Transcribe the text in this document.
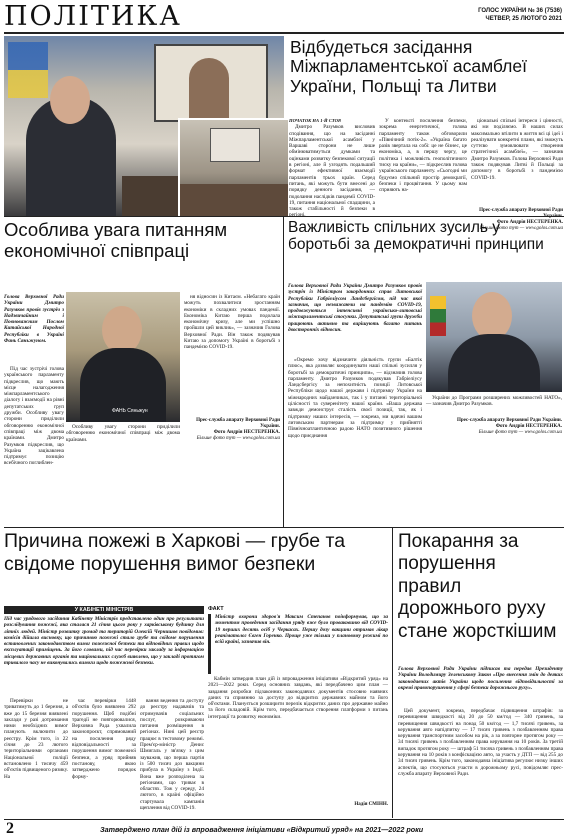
ПОЛІТИКА	ГОЛОС УКРАЇНИ № 36 (7536)
ЧЕТВЕР, 25 ЛЮТОГО 2021
Відбудеться засідання Міжпарламентської асамблеї України, Польщі та Литви
ПОЧАТОК НА 1-Й СТОР.

Дмитро Разумков висловив сподівання, що на засіданні Міжпарламентської асамблеї у Варшаві сторони не лише обмінюватимуться думками та оцінками розвитку безпекової ситуації в регіоні, але й узгодять подальший формат ефективної взаємодії парламентів трьох країн. Серед питань, які можуть бути внесені до порядку денного засідання, — подолання наслідків пандемії COVID-19, питання національної спадщини, а також стабільності й безпеки в

У контексті посилення безпеки, зокрема енергетичної, голова парламенту також обговорили «Північний потік-2». «Україна багато разів звертала на собі: це не бізнес, це економіка, а, в першу чергу, це політика і можливість геополітичного тиску на країни», — підкреслив голова українського парламенту. «Сьогодні ми будуємо спільний простір демократії, безпеки і процвітання. У цьому нам сприяють на-

ціональні спільні інтереси і цінності, які ми поділяємо. В наших силах максимально втілити в життя всі ці ідеї і реалізувати конкретні плани, які зможуть суттєво зумовлювати створення стратегічної асамблеї», — зазначив Дмитро Разумков. Голова Верховної Ради також подякував Литві й Польщі за допомогу в боротьбі з пандемією COVID-19.

Прес-служба апарату Верховної Ради
Фото Андрія НЕСТЕРЕНКА.
Більше фото тут — www.golos.com.ua
Особлива увага питанням економічної співпраці
Голова Верховної Ради України Дмитро Разумков провів зустріч з Надзвичайним і Повноважним Послом Китайської Народної Республіки в Україні Фань Сяньжуном.
ФАНЬ Сяньжун

Під час зустрічі голова українського парламенту підкреслив, що мають місце налагодження міжпарламентського діалогу і взаємодії на рівні депутатських груп дружби. Особливу увагу сторони приділили обговоренню економічної співпраці між двома країнами. Дмитро Разумков підкреслив, що Україна зацікавлена підтримує позицію всебічного поглиблен-

Особливу увагу сторони приділили обговоренню економічної співпраці між двома країнами.

ня відносин із Китаєм. «Небагато країн можуть похвалитися зростанням економіки в складних умовах пандемії. Економіка Китаю перша подолала економічну кризу, але ми успішно пройшли цей виклик», — зазначив Голова Верховної Ради. Він також подякував Китаю за допомогу Україні в боротьбі з пандемією COVID-19.

Прес-служба апарату Верховної Ради України.
Фото Андрія НЕСТЕРЕНКА.
Більше фото тут — www.golos.com.ua
Важливість спільних зусиль у боротьбі за демократичні принципи
Голова Верховної Ради України Дмитро Разумков провів зустріч із Міністром закордонних справ Литовської Республіки Габріеліусом Ландсбергісом, під час якої зазначив, що незважаючи на пандемію COVID-19, продовжуються інтенсивні українсько-литовські міжпарламентські стосунки. Депутатські групи дружби працюють активно та вирішують багато питань двосторонніх відносин.

«Окремо хочу відзначити діяльність групи «Балтік плюс», яка дозволяє координувати наші спільні зусилля у боротьбі за демократичні принципи», — відзначив голова парламенту. Дмитро Разумков подякував Габріеліусу Ландсбергісу за непохитність позиції Литовської Республіки щодо нашої держави і підтримку України на міжнародних майданчиках, так і у питанні територіальної цілісності та суверенітету нашої країни. «Ваша держава завжди демонструє сталість своєї позиції, так, як і підтримку наших інтересів, — зокрема, ми вдячні вашим литовським партнерам за підтримку у прийнятті Північноатлантичною радою НАТО позитивного рішення щодо приєднання

України до Програми розширених можливостей НАТО», — зазначив Дмитро Разумков.

Прес-служба апарату Верховної Ради України.
Фото Андрія НЕСТЕРЕНКА.
Більше фото тут — www.golos.com.ua
Причина пожежі в Харкові — грубе та свідоме порушення вимог безпеки
У КАБІНЕТІ МІНІСТРІВ
Під час урядового засідання Кабінету Міністрів представлено один про результати розслідування пожежі, яка сталася 21 січня цього року у харківському будинку для літніх людей. Міністр розвитку громад та територій Олексій Чернишов повідомив: комісія дійшла висновку, що причиною пожежі стало грубе та свідоме порушення встановлених законодавством вимог пожежної безпеки та відповідних правил щодо експлуатації приміщень. За його словами, під час перевірки закладу за інформацією місцевих державних органів та національних служб виявлено, що у закладі протягом тривалого часу не виконувались вимоги щодо пожежної безпеки.

Перевірки не триватимуть до 1 березня, а вже до 15 березня виявлені заклади у разі дотримання ними необхідних вимог планують включити до реєстру. Крім того, із 22 січня до 23 лютого територіальними органами Національної поліції встановлено 1 тисячу 459 об'єктів підвищеного ризику. На

час перевірки 1448 об'єктів було виявлено 292 порушення. Щоб подібні трагедії не повторювалися, Верховна Рада ухвалила законопроєкт, спрямований на посилення ряду відповідальності за порушення вимог пожежної безпеки, а уряд прийняв постанову, якою затверджено порядок форму-

вання ведення та доступу до реєстру надавачів та отримувачів соціальних послуг, розкриваючи питання розміщення в регіонах. Нині цей реєстр працює в тестовому режимі. Прем'єр-міністр Денис Шмигаль у зв'язку з цим зауважив, що перша партія із 500 тисяч доз вакцини прибула в Україну з Індії. Вона вже розподілена за регіонами, що триває в областях. Тож у середу, 24 лютого, в країні офіційно стартувала кампанія щеплення від COVID-19.

ФАКТ
Міністр охорони здоров'я Максим Степанов поінформував, що за моментом проведення засідання уряду вже було проваковиню від COVID-19 перших десять осіб у Черкасах. Першу дозу вакцини отримав лікар реаніматолог Євген Горенко. Проще уже тільки у плановому режимі по всій країні, зазначив він.

Кабмін затвердив план дій із впровадження ініціативи «Відкритий уряд» на 2021—2022 роки. Серед основних завдань, які передбачено цим план — завдання розробки підзаконних законодавчих документів стосовно наявних даних та сприянню за доступу до відкритих державних майном та його об'єктами. Планується розширити перелік відкритих даних про державне майно та його складовій. Крім того, передбачається створення платформи з питань інтеграції та розвитку економіки.

Надія СМІНН.
Покарання за порушення правил дорожнього руху стане жорсткішим
Голова Верховної Ради України підписав та передав Президенту України Володимиру Зеленському Закон «Про внесення змін до деяких законодавчих актів України щодо посилення відповідальності за окремі правопорушення у сфері безпеки дорожнього руху».

Цей документ, зокрема, передбачає підвищення штрафів: за перевищення швидкості від 20 до 50 км/год — 340 гривень, за перевищення швидкості на понад 50 км/год — 1,7 тисячі гривень, за керування авто напідпитку — 17 тисяч гривень з позбавленням права керування транспортним засобом на рік, а за повторне протягом року — 34 тисячі гривень з позбавленням права керування на 10 років. За третій випадок протягом року — штраф 51 тисяча гривень з позбавленням права керування на 10 років з конфіскацією авто, за участь у ДТП — від 255 до 34 тисяч гривень. Крім того, законодавча ініціатива регулює низку інших аспектів, що стосуються участи в дорожньому русі, повідомляє прес-служба апарату Верховної Ради.

2	Затверджено план дій із впровадження ініціативи «Відкритий уряд» на 2021—2022 роки
